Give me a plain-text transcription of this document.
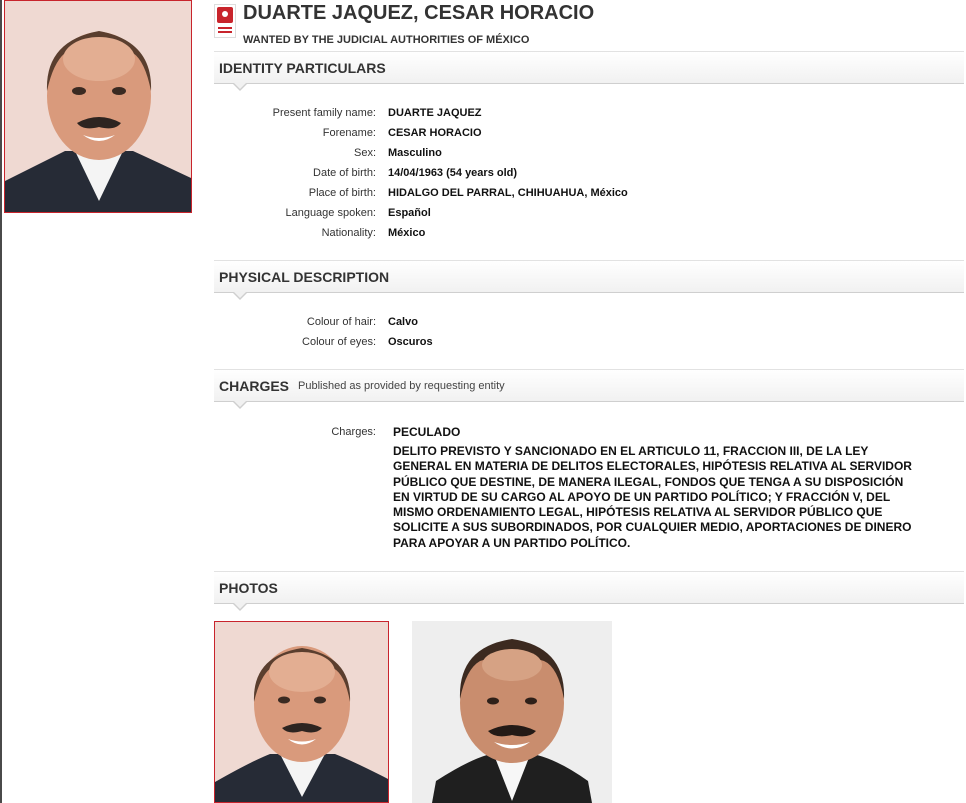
DUARTE JAQUEZ, CESAR HORACIO
WANTED BY THE JUDICIAL AUTHORITIES OF MÉXICO
IDENTITY PARTICULARS
Present family name: DUARTE JAQUEZ
Forename: CESAR HORACIO
Sex: Masculino
Date of birth: 14/04/1963 (54 years old)
Place of birth: HIDALGO DEL PARRAL, CHIHUAHUA, México
Language spoken: Español
Nationality: México
PHYSICAL DESCRIPTION
Colour of hair: Calvo
Colour of eyes: Oscuros
CHARGES Published as provided by requesting entity
Charges: PECULADO
DELITO PREVISTO Y SANCIONADO EN EL ARTICULO 11, FRACCION III, DE LA LEY GENERAL EN MATERIA DE DELITOS ELECTORALES, HIPÓTESIS RELATIVA AL SERVIDOR PÚBLICO QUE DESTINE, DE MANERA ILEGAL, FONDOS QUE TENGA A SU DISPOSICIÓN EN VIRTUD DE SU CARGO AL APOYO DE UN PARTIDO POLÍTICO; Y FRACCIÓN V, DEL MISMO ORDENAMIENTO LEGAL, HIPÓTESIS RELATIVA AL SERVIDOR PÚBLICO QUE SOLICITE A SUS SUBORDINADOS, POR CUALQUIER MEDIO, APORTACIONES DE DINERO PARA APOYAR A UN PARTIDO POLÍTICO.
PHOTOS
